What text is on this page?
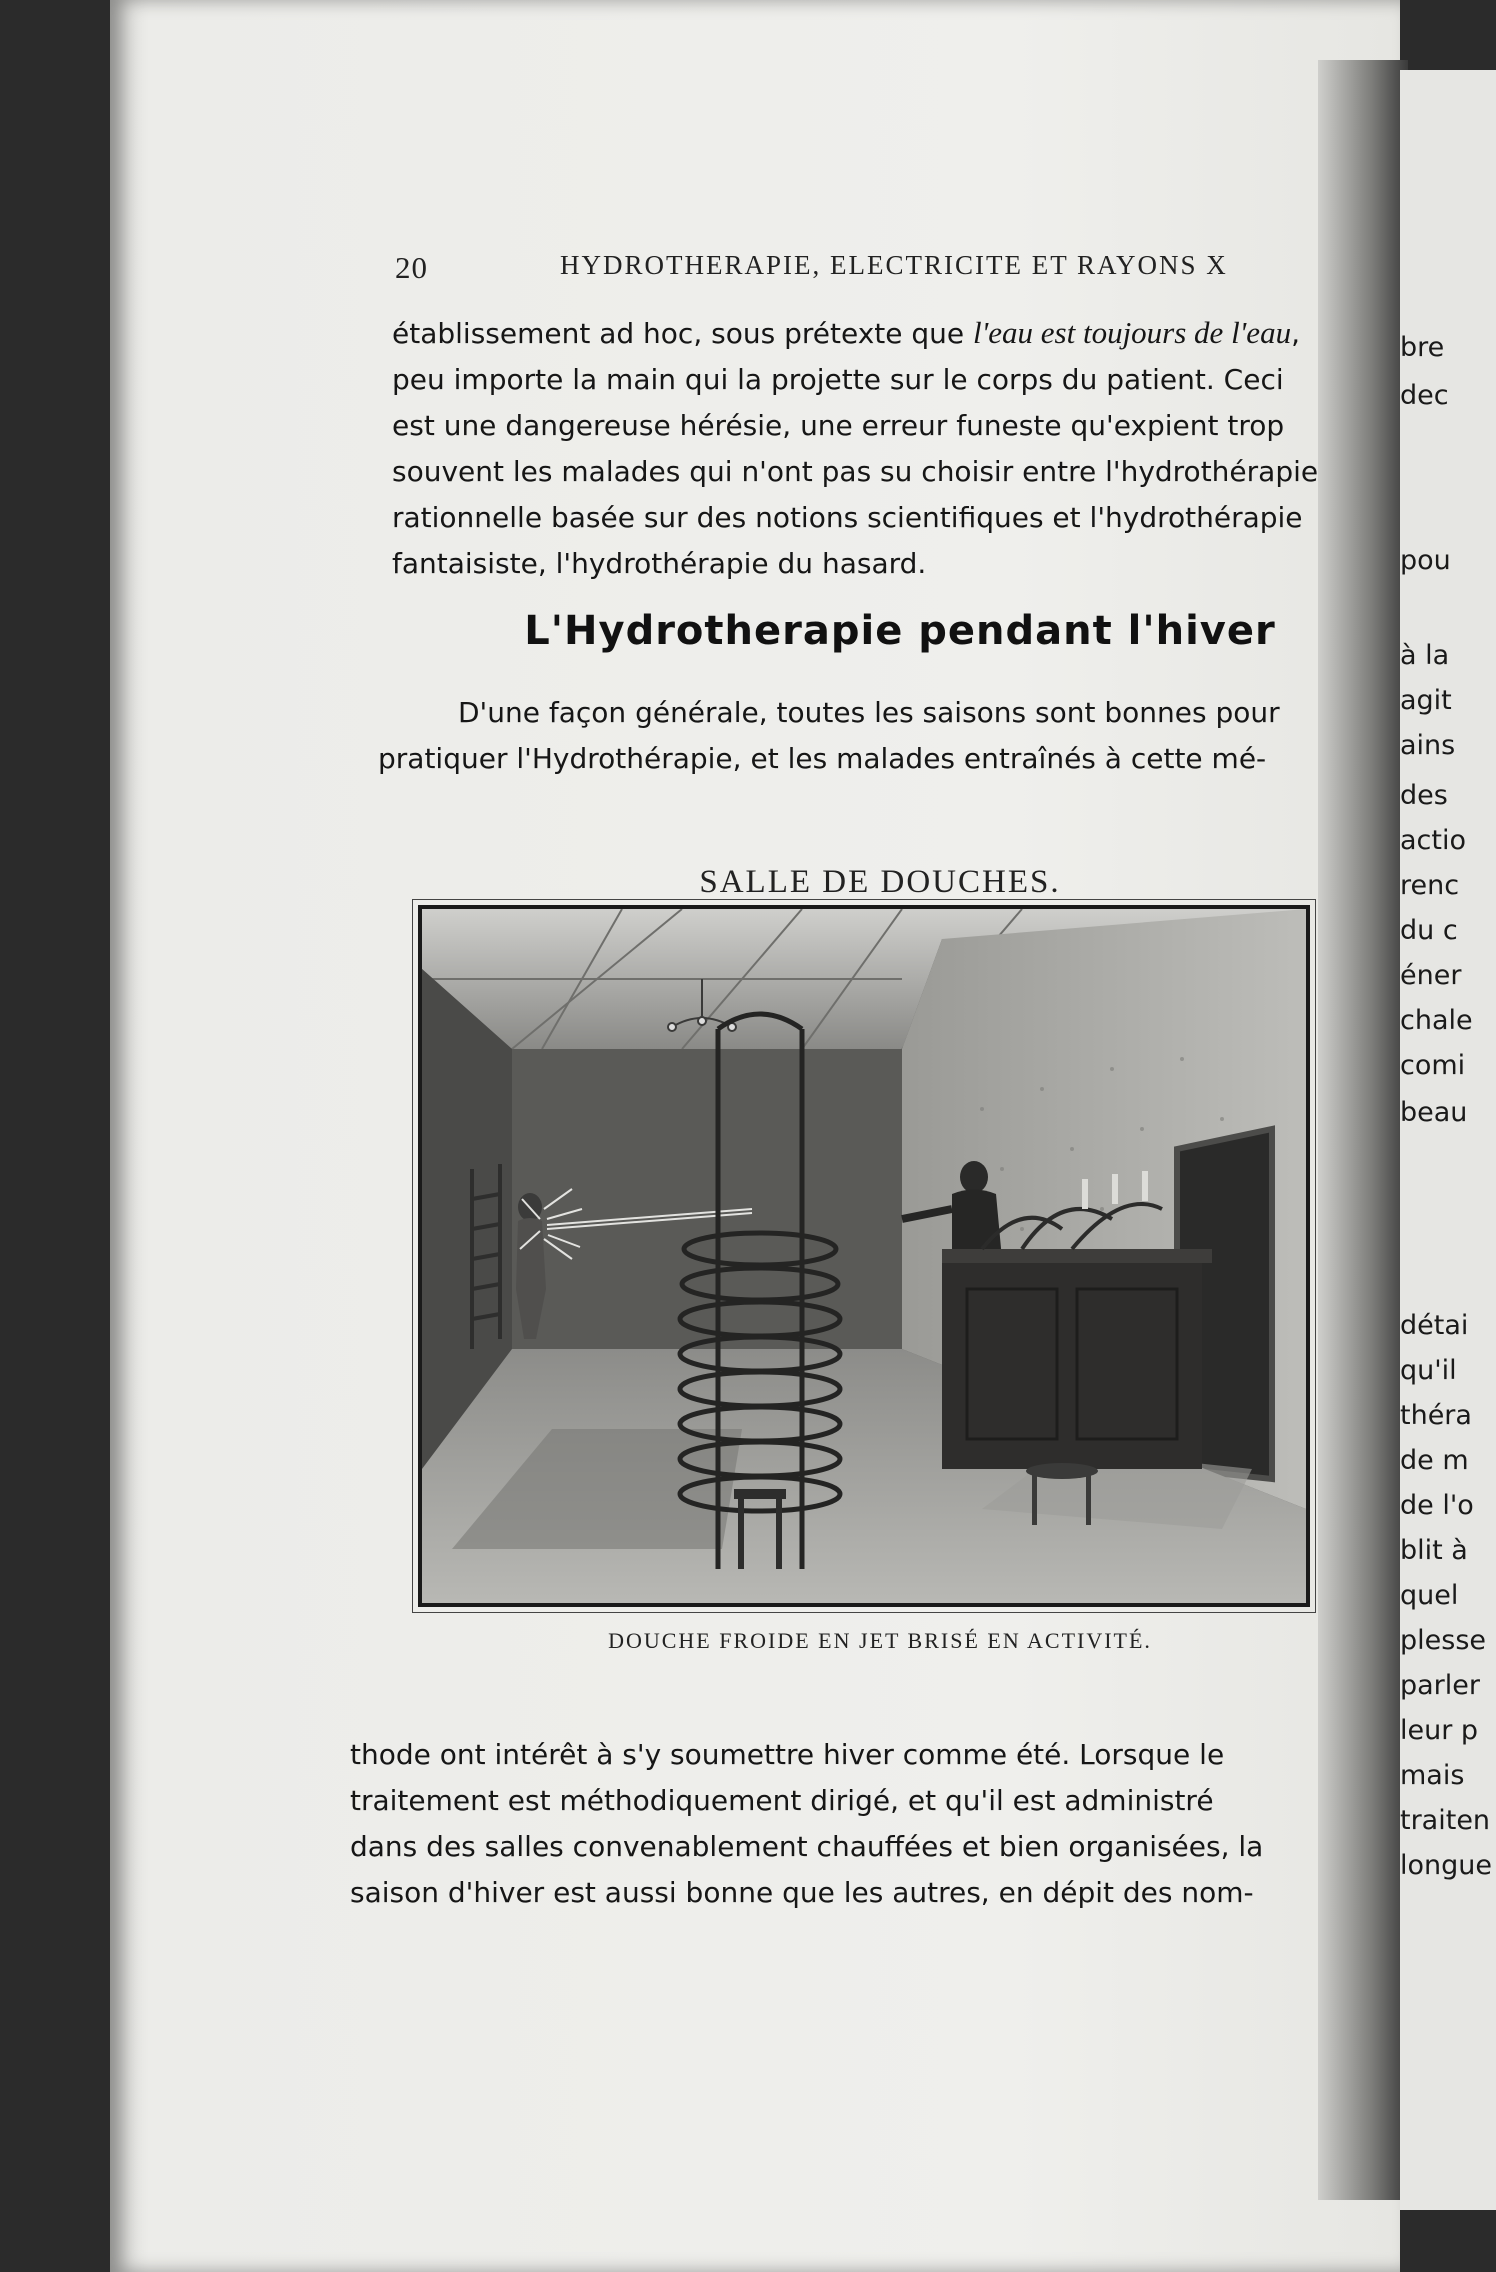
20	HYDROTHERAPIE, ELECTRICITE ET RAYONS X

établissement ad hoc, sous prétexte que l'eau est toujours de l'eau,

peu importe la main qui la projette sur le corps du patient. Ceci

est une dangereuse hérésie, une erreur funeste qu'expient trop

souvent les malades qui n'ont pas su choisir entre l'hydrothérapie

rationnelle basée sur des notions scientifiques et l'hydrothérapie

fantaisiste, l'hydrothérapie du hasard.

L'Hydrotherapie pendant l'hiver

D'une façon générale, toutes les saisons sont bonnes pour

pratiquer l'Hydrothérapie, et les malades entraînés à cette mé-

SALLE DE DOUCHES.
DOUCHE FROIDE EN JET BRISÉ EN ACTIVITÉ.

thode ont intérêt à s'y soumettre hiver comme été. Lorsque le

traitement est méthodiquement dirigé, et qu'il est administré

dans des salles convenablement chauffées et bien organisées, la

saison d'hiver est aussi bonne que les autres, en dépit des nom-

bre
dec
pou
à la
agit
ains
des
actio
renc
du c
éner
chale
comi
beau
détai
qu'il
théra
de m
de l'o
blit à
quel
plesse
parler
leur p
mais
traiten
longue
